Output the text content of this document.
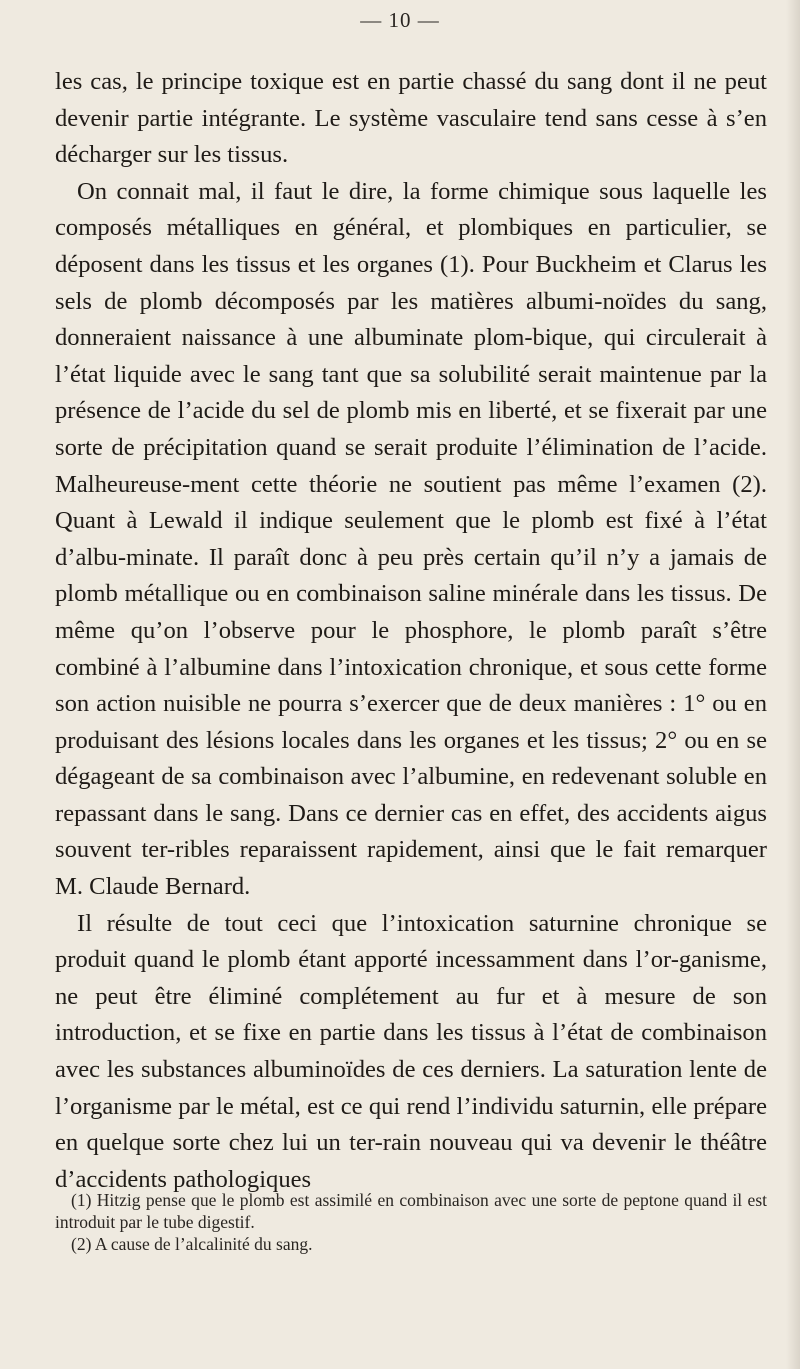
— 10 —

les cas, le principe toxique est en partie chassé du sang dont il ne peut devenir partie intégrante. Le système vasculaire tend sans cesse à s’en décharger sur les tissus.

On connait mal, il faut le dire, la forme chimique sous laquelle les composés métalliques en général, et plombiques en particulier, se déposent dans les tissus et les organes (1). Pour Buckheim et Clarus les sels de plomb décomposés par les matières albumi-noïdes du sang, donneraient naissance à une albuminate plom-bique, qui circulerait à l’état liquide avec le sang tant que sa solubilité serait maintenue par la présence de l’acide du sel de plomb mis en liberté, et se fixerait par une sorte de précipitation quand se serait produite l’élimination de l’acide. Malheureuse-ment cette théorie ne soutient pas même l’examen (2). Quant à Lewald il indique seulement que le plomb est fixé à l’état d’albu-minate. Il paraît donc à peu près certain qu’il n’y a jamais de plomb métallique ou en combinaison saline minérale dans les tissus. De même qu’on l’observe pour le phosphore, le plomb paraît s’être combiné à l’albumine dans l’intoxication chronique, et sous cette forme son action nuisible ne pourra s’exercer que de deux manières : 1° ou en produisant des lésions locales dans les organes et les tissus; 2° ou en se dégageant de sa combinaison avec l’albumine, en redevenant soluble en repassant dans le sang. Dans ce dernier cas en effet, des accidents aigus souvent ter-ribles reparaissent rapidement, ainsi que le fait remarquer M. Claude Bernard.

Il résulte de tout ceci que l’intoxication saturnine chronique se produit quand le plomb étant apporté incessamment dans l’or-ganisme, ne peut être éliminé complétement au fur et à mesure de son introduction, et se fixe en partie dans les tissus à l’état de combinaison avec les substances albuminoïdes de ces derniers. La saturation lente de l’organisme par le métal, est ce qui rend l’individu saturnin, elle prépare en quelque sorte chez lui un ter-rain nouveau qui va devenir le théâtre d’accidents pathologiques

(1) Hitzig pense que le plomb est assimilé en combinaison avec une sorte de peptone quand il est introduit par le tube digestif.

(2) A cause de l’alcalinité du sang.
